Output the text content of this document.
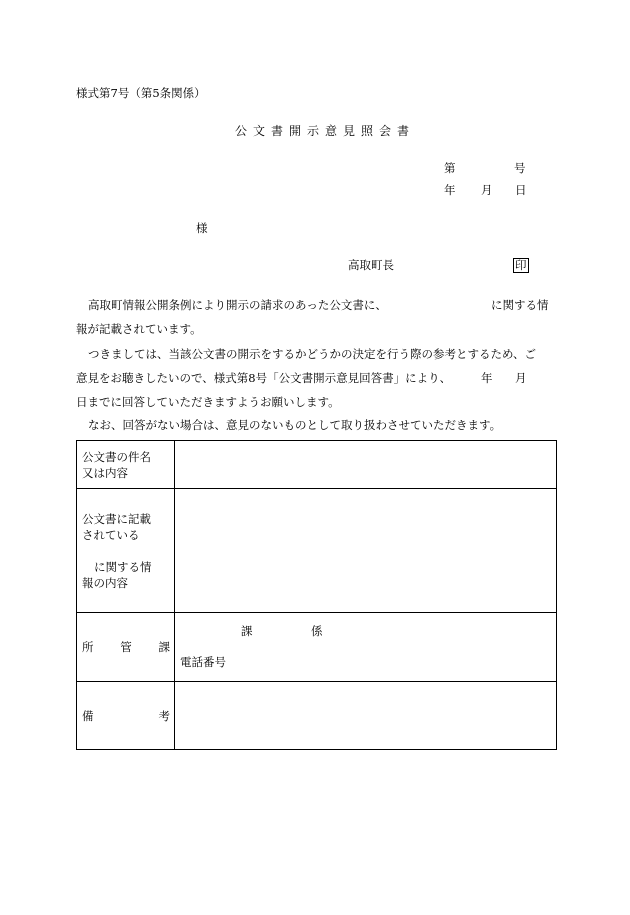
様式第7号（第5条関係）
公文書開示意見照会書
第	号
年 月 日
様
高取町長	印
高取町情報公開条例により開示の請求のあった公文書に、	に関する情
報が記載されています。
つきましては、当該公文書の開示をするかどうかの決定を行う際の参考とするため、ご
意見をお聴きしたいので、様式第8号「公文書開示意見回答書」により、	年 月
日までに回答していただきますようお願いします。
なお、回答がない場合は、意見のないものとして取り扱わさせていただきます。
公文書の件名
又は内容	

公文書に記載
されている
に関する情
報の内容	

所 管 課	課 係
電話番号

備 考	
